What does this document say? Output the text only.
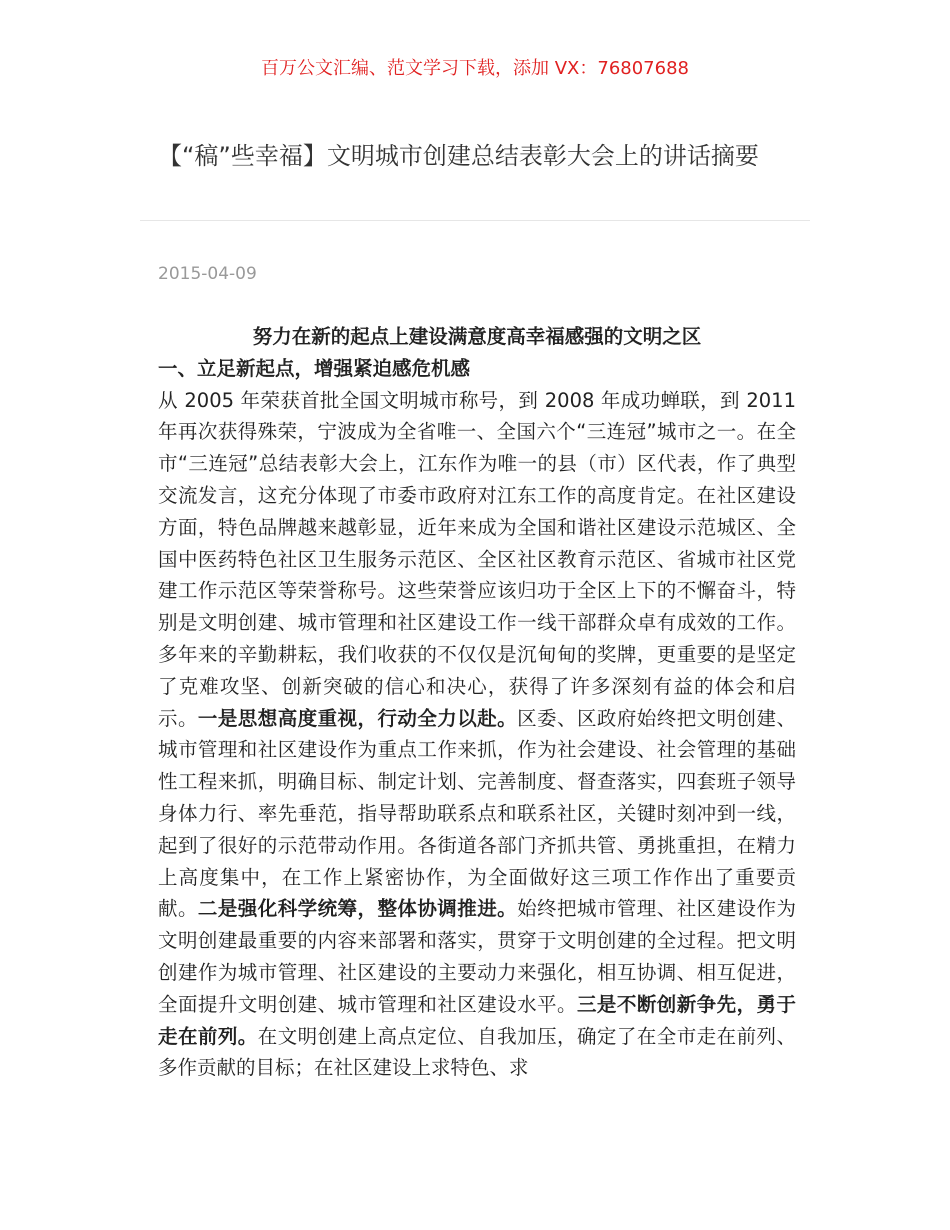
百万公文汇编、范文学习下载，添加 VX：76807688
【“稿”些幸福】文明城市创建总结表彰大会上的讲话摘要
2015-04-09

努力在新的起点上建设满意度高幸福感强的文明之区

一、立足新起点，增强紧迫感危机感

从 2005 年荣获首批全国文明城市称号，到 2008 年成功蝉联，到 2011 年再次获得殊荣，宁波成为全省唯一、全国六个“三连冠”城市之一。在全市“三连冠”总结表彰大会上，江东作为唯一的县（市）区代表，作了典型交流发言，这充分体现了市委市政府对江东工作的高度肯定。在社区建设方面，特色品牌越来越彰显，近年来成为全国和谐社区建设示范城区、全国中医药特色社区卫生服务示范区、全区社区教育示范区、省城市社区党建工作示范区等荣誉称号。这些荣誉应该归功于全区上下的不懈奋斗，特别是文明创建、城市管理和社区建设工作一线干部群众卓有成效的工作。多年来的辛勤耕耘，我们收获的不仅仅是沉甸甸的奖牌，更重要的是坚定了克难攻坚、创新突破的信心和决心，获得了许多深刻有益的体会和启示。一是思想高度重视，行动全力以赴。区委、区政府始终把文明创建、城市管理和社区建设作为重点工作来抓，作为社会建设、社会管理的基础性工程来抓，明确目标、制定计划、完善制度、督查落实，四套班子领导身体力行、率先垂范，指导帮助联系点和联系社区，关键时刻冲到一线，起到了很好的示范带动作用。各街道各部门齐抓共管、勇挑重担，在精力上高度集中，在工作上紧密协作，为全面做好这三项工作作出了重要贡献。二是强化科学统筹，整体协调推进。始终把城市管理、社区建设作为文明创建最重要的内容来部署和落实，贯穿于文明创建的全过程。把文明创建作为城市管理、社区建设的主要动力来强化，相互协调、相互促进，全面提升文明创建、城市管理和社区建设水平。三是不断创新争先，勇于走在前列。在文明创建上高点定位、自我加压，确定了在全市走在前列、多作贡献的目标；在社区建设上求特色、求
